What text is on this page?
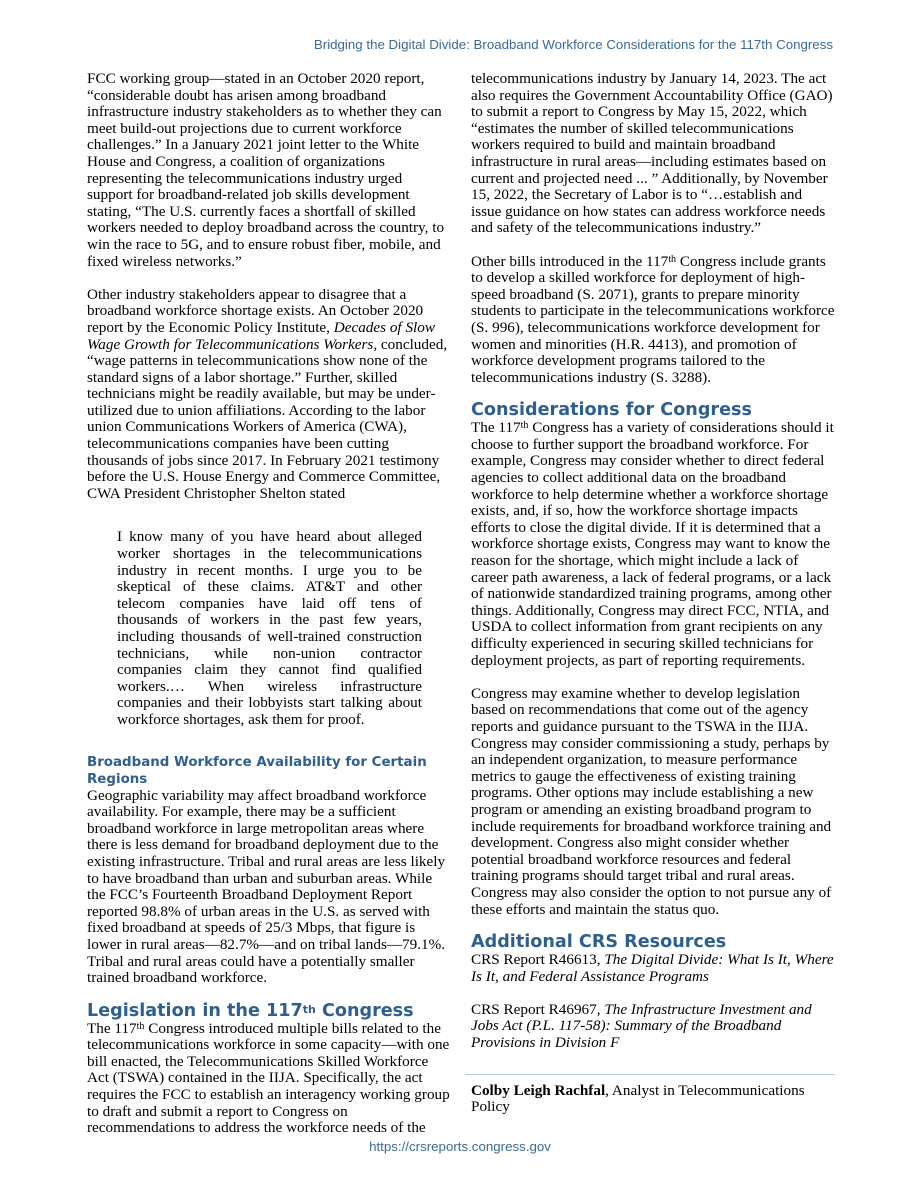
Bridging the Digital Divide: Broadband Workforce Considerations for the 117th Congress

FCC working group—stated in an October 2020 report, “considerable doubt has arisen among broadband infrastructure industry stakeholders as to whether they can meet build-out projections due to current workforce challenges.” In a January 2021 joint letter to the White House and Congress, a coalition of organizations representing the telecommunications industry urged support for broadband-related job skills development stating, “The U.S. currently faces a shortfall of skilled workers needed to deploy broadband across the country, to win the race to 5G, and to ensure robust fiber, mobile, and fixed wireless networks.”

Other industry stakeholders appear to disagree that a broadband workforce shortage exists. An October 2020 report by the Economic Policy Institute, Decades of Slow Wage Growth for Telecommunications Workers, concluded, “wage patterns in telecommunications show none of the standard signs of a labor shortage.” Further, skilled technicians might be readily available, but may be under-utilized due to union affiliations. According to the labor union Communications Workers of America (CWA), telecommunications companies have been cutting thousands of jobs since 2017. In February 2021 testimony before the U.S. House Energy and Commerce Committee, CWA President Christopher Shelton stated

I know many of you have heard about alleged worker shortages in the telecommunications industry in recent months. I urge you to be skeptical of these claims. AT&T and other telecom companies have laid off tens of thousands of workers in the past few years, including thousands of well-trained construction technicians, while non-union contractor companies claim they cannot find qualified workers.… When wireless infrastructure companies and their lobbyists start talking about workforce shortages, ask them for proof.
Broadband Workforce Availability for Certain Regions

Geographic variability may affect broadband workforce availability. For example, there may be a sufficient broadband workforce in large metropolitan areas where there is less demand for broadband deployment due to the existing infrastructure. Tribal and rural areas are less likely to have broadband than urban and suburban areas. While the FCC’s Fourteenth Broadband Deployment Report reported 98.8% of urban areas in the U.S. as served with fixed broadband at speeds of 25/3 Mbps, that figure is lower in rural areas—82.7%—and on tribal lands—79.1%. Tribal and rural areas could have a potentially smaller trained broadband workforce.

Legislation in the 117th Congress

The 117th Congress introduced multiple bills related to the telecommunications workforce in some capacity—with one bill enacted, the Telecommunications Skilled Workforce Act (TSWA) contained in the IIJA. Specifically, the act requires the FCC to establish an interagency working group to draft and submit a report to Congress on recommendations to address the workforce needs of the

telecommunications industry by January 14, 2023. The act also requires the Government Accountability Office (GAO) to submit a report to Congress by May 15, 2022, which “estimates the number of skilled telecommunications workers required to build and maintain broadband infrastructure in rural areas—including estimates based on current and projected need ... ” Additionally, by November 15, 2022, the Secretary of Labor is to “…establish and issue guidance on how states can address workforce needs and safety of the telecommunications industry.”

Other bills introduced in the 117th Congress include grants to develop a skilled workforce for deployment of high-speed broadband (S. 2071), grants to prepare minority students to participate in the telecommunications workforce (S. 996), telecommunications workforce development for women and minorities (H.R. 4413), and promotion of workforce development programs tailored to the telecommunications industry (S. 3288).

Considerations for Congress

The 117th Congress has a variety of considerations should it choose to further support the broadband workforce. For example, Congress may consider whether to direct federal agencies to collect additional data on the broadband workforce to help determine whether a workforce shortage exists, and, if so, how the workforce shortage impacts efforts to close the digital divide. If it is determined that a workforce shortage exists, Congress may want to know the reason for the shortage, which might include a lack of career path awareness, a lack of federal programs, or a lack of nationwide standardized training programs, among other things. Additionally, Congress may direct FCC, NTIA, and USDA to collect information from grant recipients on any difficulty experienced in securing skilled technicians for deployment projects, as part of reporting requirements.

Congress may examine whether to develop legislation based on recommendations that come out of the agency reports and guidance pursuant to the TSWA in the IIJA. Congress may consider commissioning a study, perhaps by an independent organization, to measure performance metrics to gauge the effectiveness of existing training programs. Other options may include establishing a new program or amending an existing broadband program to include requirements for broadband workforce training and development. Congress also might consider whether potential broadband workforce resources and federal training programs should target tribal and rural areas. Congress may also consider the option to not pursue any of these efforts and maintain the status quo.

Additional CRS Resources

CRS Report R46613, The Digital Divide: What Is It, Where Is It, and Federal Assistance Programs

CRS Report R46967, The Infrastructure Investment and Jobs Act (P.L. 117-58): Summary of the Broadband Provisions in Division F

Colby Leigh Rachfal, Analyst in Telecommunications Policy

https://crsreports.congress.gov
